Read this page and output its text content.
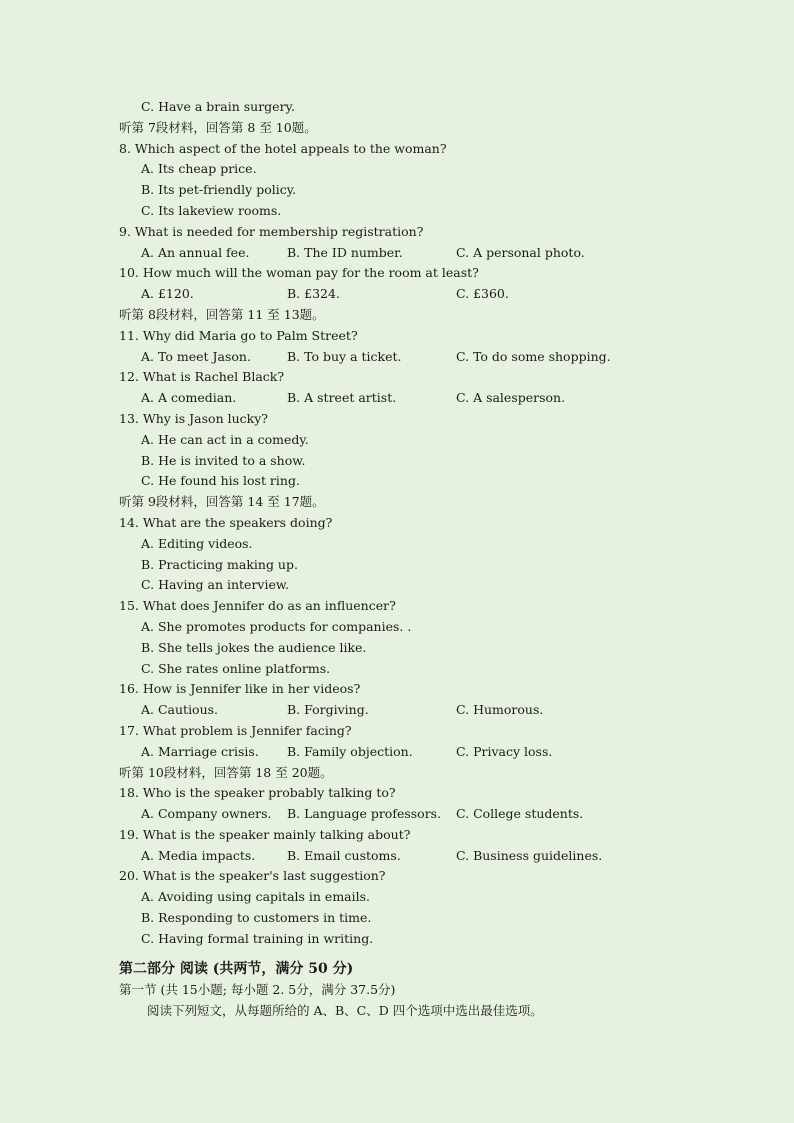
C. Have a brain surgery.
听第 7段材料，回答第 8 至 10题。
8. Which aspect of the hotel appeals to the woman?
A. Its cheap price.
B. Its pet-friendly policy.
C. Its lakeview rooms.
9. What is needed for membership registration?
A. An annual fee.	B. The ID number.	C. A personal photo.
10. How much will the woman pay for the room at least?
A. £120.	B. £324.	C. £360.
听第 8段材料，回答第 11 至 13题。
11. Why did Maria go to Palm Street?
A. To meet Jason.	B. To buy a ticket.	C. To do some shopping.
12. What is Rachel Black?
A. A comedian.	B. A street artist.	C. A salesperson.
13. Why is Jason lucky?
A. He can act in a comedy.
B. He is invited to a show.
C. He found his lost ring.
听第 9段材料，回答第 14 至 17题。
14. What are the speakers doing?
A. Editing videos.
B. Practicing making up.
C. Having an interview.
15. What does Jennifer do as an influencer?
A. She promotes products for companies. .
B. She tells jokes the audience like.
C. She rates online platforms.
16. How is Jennifer like in her videos?
A. Cautious.	B. Forgiving.	C. Humorous.
17. What problem is Jennifer facing?
A. Marriage crisis.	B. Family objection.	C. Privacy loss.
听第 10段材料，回答第 18 至 20题。
18. Who is the speaker probably talking to?
A. Company owners.	B. Language professors.	C. College students.
19. What is the speaker mainly talking about?
A. Media impacts.	B. Email customs.	C. Business guidelines.
20. What is the speaker's last suggestion?
A. Avoiding using capitals in emails.
B. Responding to customers in time.
C. Having formal training in writing.
第二部分 阅读 (共两节，满分 50 分)
第一节 (共 15小题; 每小题 2. 5分，满分 37.5分)
阅读下列短文，从每题所给的 A、B、C、D 四个选项中选出最佳选项。
